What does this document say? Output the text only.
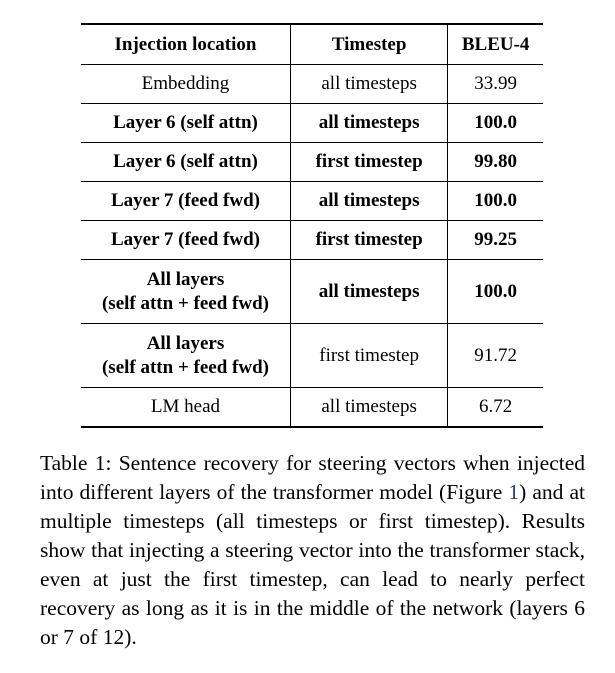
Injection location	Timestep	BLEU-4

Embedding	all timesteps	33.99

Layer 6 (self attn)	all timesteps	100.0

Layer 6 (self attn)	first timestep	99.80

Layer 7 (feed fwd)	all timesteps	100.0

Layer 7 (feed fwd)	first timestep	99.25

All layers
(self attn + feed fwd)	all timesteps	100.0

All layers
(self attn + feed fwd)	first timestep	91.72

LM head	all timesteps	6.72

Table 1: Sentence recovery for steering vectors when injected into different layers of the transformer model (Figure 1) and at multiple timesteps (all timesteps or first timestep). Results show that injecting a steering vector into the transformer stack, even at just the first timestep, can lead to nearly perfect recovery as long as it is in the middle of the network (layers 6 or 7 of 12).
